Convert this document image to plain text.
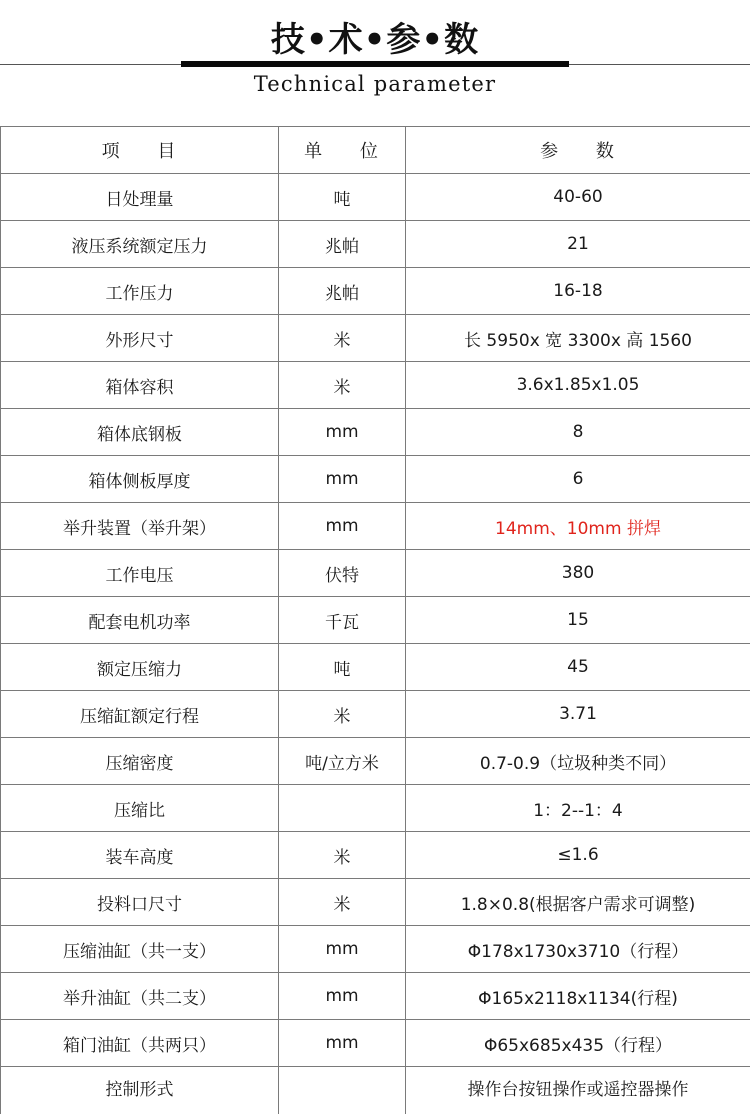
技•术•参•数
Technical parameter
项 目	单 位	参 数
日处理量	吨	40-60
液压系统额定压力	兆帕	21
工作压力	兆帕	16-18
外形尺寸	米	长 5950x 宽 3300x 高 1560
箱体容积	米	3.6x1.85x1.05
箱体底钢板	mm	8
箱体侧板厚度	mm	6
举升装置（举升架）	mm	14mm、10mm 拼焊
工作电压	伏特	380
配套电机功率	千瓦	15
额定压缩力	吨	45
压缩缸额定行程	米	3.71
压缩密度	吨/立方米	0.7-0.9（垃圾种类不同）
压缩比		1：2--1：4
装车高度	米	≤1.6
投料口尺寸	米	1.8×0.8(根据客户需求可调整)
压缩油缸（共一支）	mm	Φ178x1730x3710（行程）
举升油缸（共二支）	mm	Φ165x2118x1134(行程)
箱门油缸（共两只）	mm	Φ65x685x435（行程）
控制形式		操作台按钮操作或遥控器操作
